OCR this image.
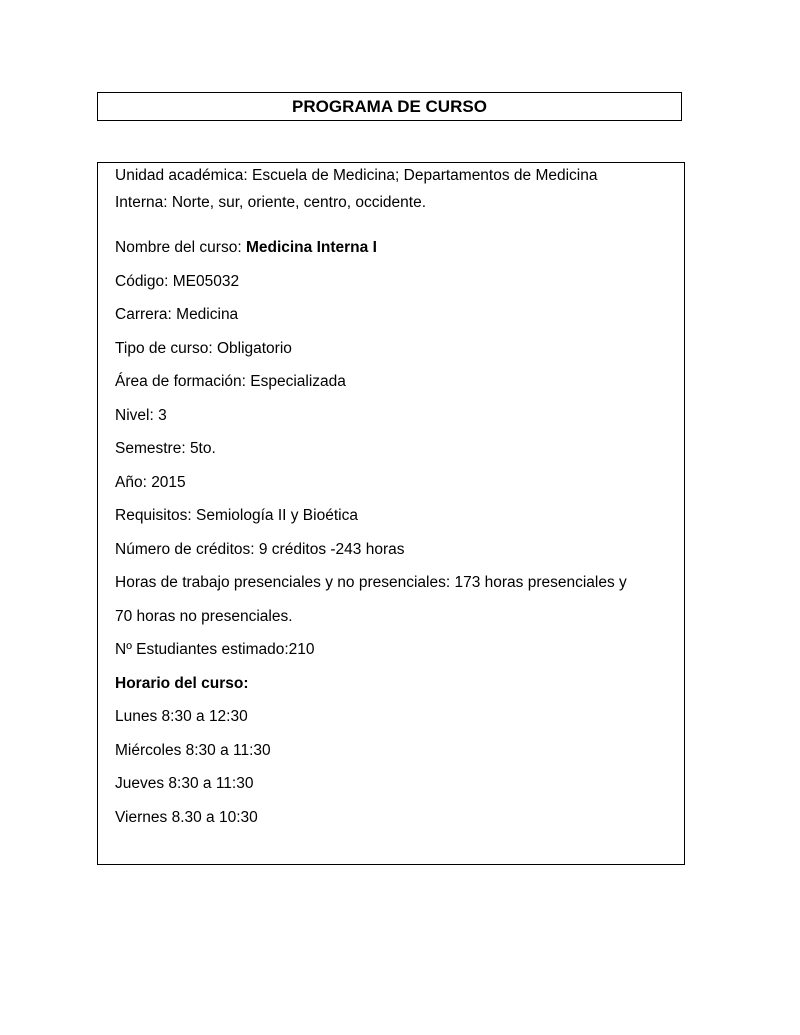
PROGRAMA DE CURSO
Unidad académica: Escuela de Medicina; Departamentos de Medicina
Interna: Norte, sur, oriente, centro, occidente.
Nombre del curso: Medicina Interna I
Código: ME05032
Carrera: Medicina
Tipo de curso: Obligatorio
Área de formación: Especializada
Nivel: 3
Semestre: 5to.
Año: 2015
Requisitos: Semiología II y Bioética
Número de créditos: 9 créditos -243 horas
Horas de trabajo presenciales y no presenciales: 173 horas presenciales y
70 horas no presenciales.
Nº Estudiantes estimado:210
Horario del curso:
Lunes 8:30 a 12:30
Miércoles 8:30 a 11:30
Jueves 8:30 a 11:30
Viernes 8.30 a 10:30
